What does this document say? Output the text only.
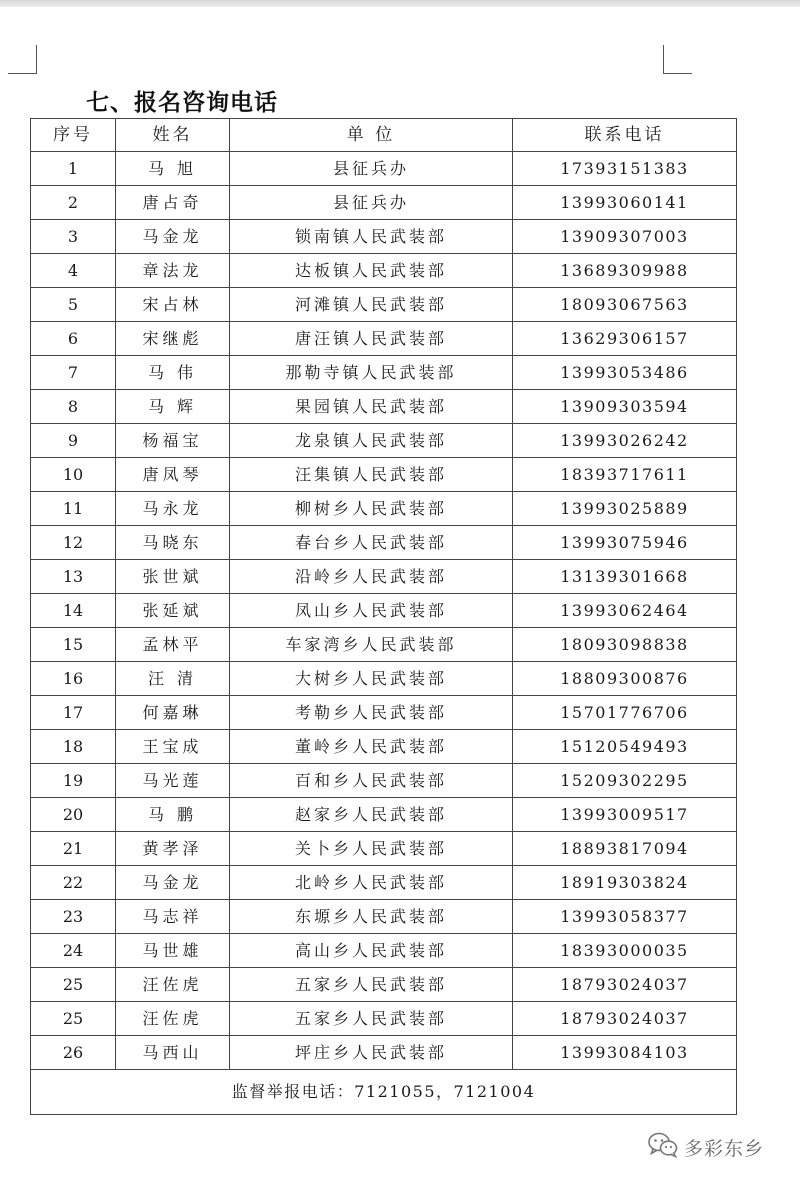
七、报名咨询电话
序号	姓名	单 位	联系电话
1	马 旭	县征兵办	17393151383
2	唐占奇	县征兵办	13993060141
3	马金龙	锁南镇人民武装部	13909307003
4	章法龙	达板镇人民武装部	13689309988
5	宋占林	河滩镇人民武装部	18093067563
6	宋继彪	唐汪镇人民武装部	13629306157
7	马 伟	那勒寺镇人民武装部	13993053486
8	马 辉	果园镇人民武装部	13909303594
9	杨福宝	龙泉镇人民武装部	13993026242
10	唐凤琴	汪集镇人民武装部	18393717611
11	马永龙	柳树乡人民武装部	13993025889
12	马晓东	春台乡人民武装部	13993075946
13	张世斌	沿岭乡人民武装部	13139301668
14	张延斌	凤山乡人民武装部	13993062464
15	孟林平	车家湾乡人民武装部	18093098838
16	汪 清	大树乡人民武装部	18809300876
17	何嘉琳	考勒乡人民武装部	15701776706
18	王宝成	董岭乡人民武装部	15120549493
19	马光莲	百和乡人民武装部	15209302295
20	马 鹏	赵家乡人民武装部	13993009517
21	黄孝泽	关卜乡人民武装部	18893817094
22	马金龙	北岭乡人民武装部	18919303824
23	马志祥	东塬乡人民武装部	13993058377
24	马世雄	高山乡人民武装部	18393000035
25	汪佐虎	五家乡人民武装部	18793024037
25	汪佐虎	五家乡人民武装部	18793024037
26	马西山	坪庄乡人民武装部	13993084103
监督举报电话：7121055，7121004			
多彩东乡
